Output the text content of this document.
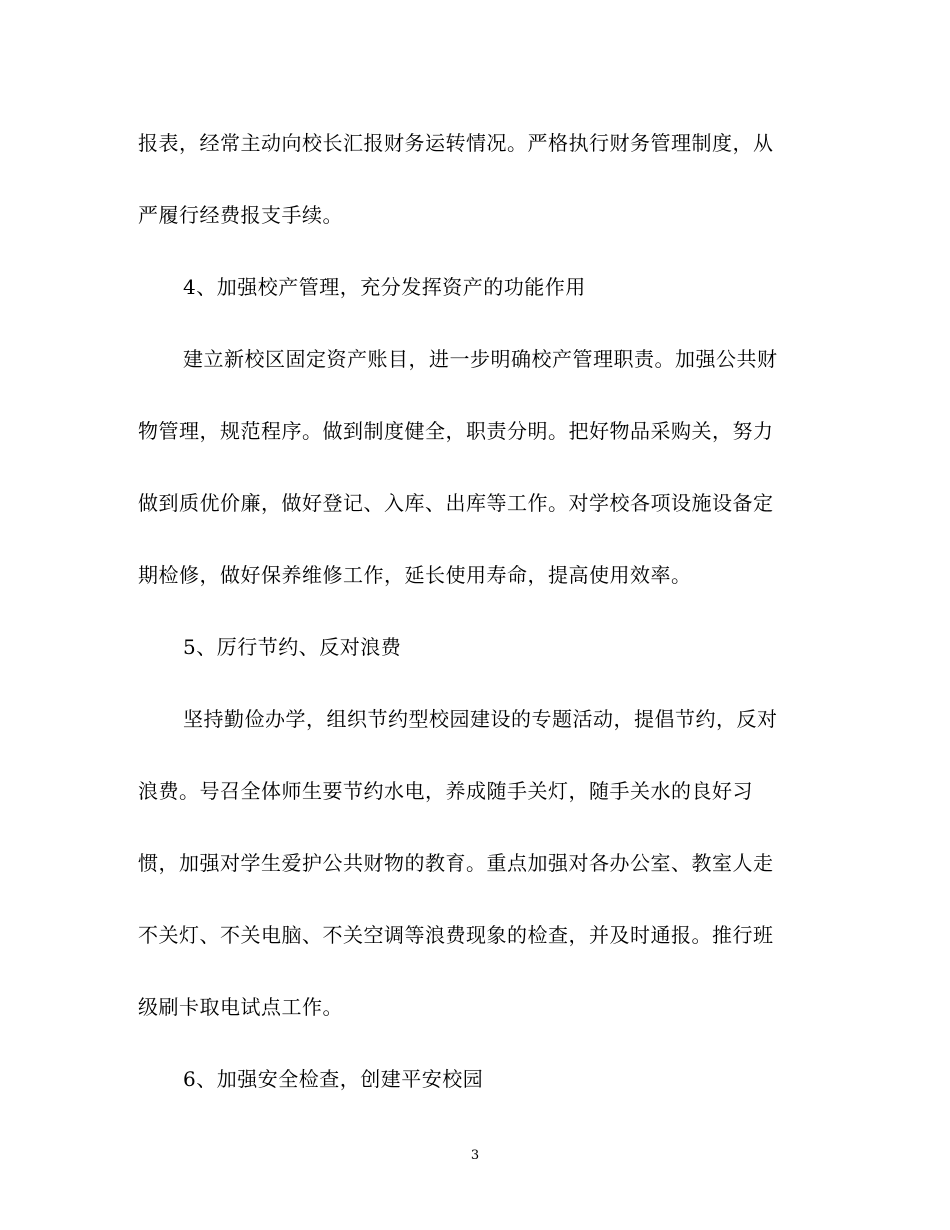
报表，经常主动向校长汇报财务运转情况。严格执行财务管理制度，从
严履行经费报支手续。
4、加强校产管理，充分发挥资产的功能作用
建立新校区固定资产账目，进一步明确校产管理职责。加强公共财
物管理，规范程序。做到制度健全，职责分明。把好物品采购关，努力
做到质优价廉，做好登记、入库、出库等工作。对学校各项设施设备定
期检修，做好保养维修工作，延长使用寿命，提高使用效率。
5、厉行节约、反对浪费
坚持勤俭办学，组织节约型校园建设的专题活动，提倡节约，反对
浪费。号召全体师生要节约水电，养成随手关灯，随手关水的良好习
惯，加强对学生爱护公共财物的教育。重点加强对各办公室、教室人走
不关灯、不关电脑、不关空调等浪费现象的检查，并及时通报。推行班
级刷卡取电试点工作。
6、加强安全检查，创建平安校园
3
